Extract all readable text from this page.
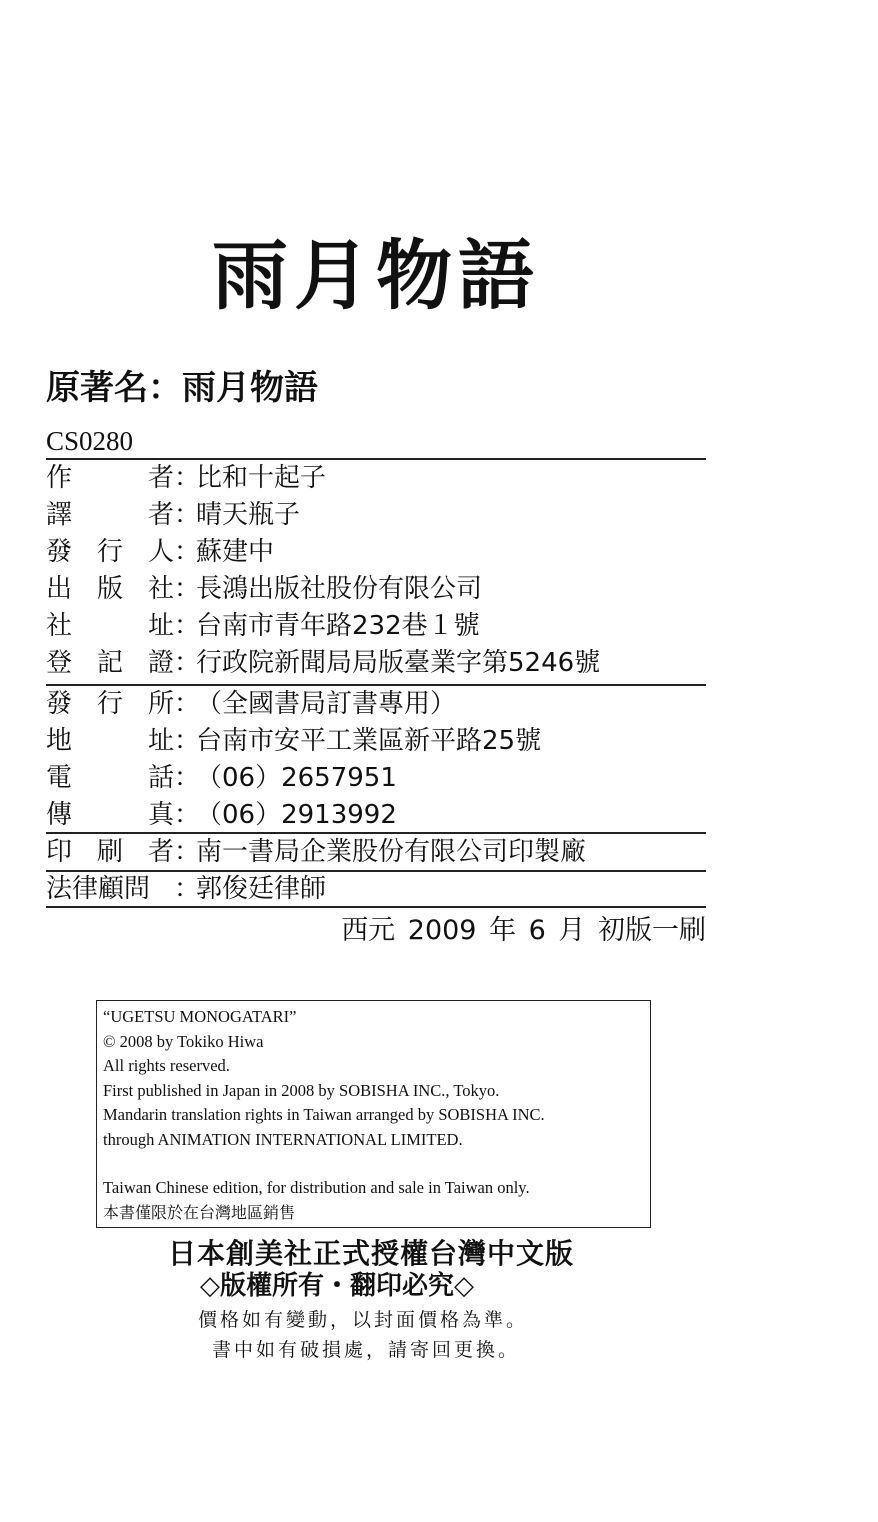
雨月物語
原著名：雨月物語
CS0280
作	者 ：
比和十起子
譯	者 ：
晴天瓶子
發 行 人 ：
蘇建中
出 版 社 ：
長鴻出版社股份有限公司
社	址 ：
台南市青年路232巷１號
登 記 證 ：
行政院新聞局局版臺業字第5246號
發 行 所 ：
（全國書局訂書專用）
地	址 ：
台南市安平工業區新平路25號
電	話 ：
（06）2657951
傳	真 ：
（06）2913992
印 刷 者 ：
南一書局企業股份有限公司印製廠
法律顧問 ：
郭俊廷律師
西元 2009 年 6 月 初版一刷
“UGETSU MONOGATARI”
© 2008 by Tokiko Hiwa
All rights reserved.
First published in Japan in 2008 by SOBISHA INC., Tokyo.
Mandarin translation rights in Taiwan arranged by SOBISHA INC.
through ANIMATION INTERNATIONAL LIMITED.
Taiwan Chinese edition, for distribution and sale in Taiwan only.
本書僅限於在台灣地區銷售
日本創美社正式授權台灣中文版
◇版權所有・翻印必究◇
價格如有變動，以封面價格為準。
書中如有破損處，請寄回更換。
